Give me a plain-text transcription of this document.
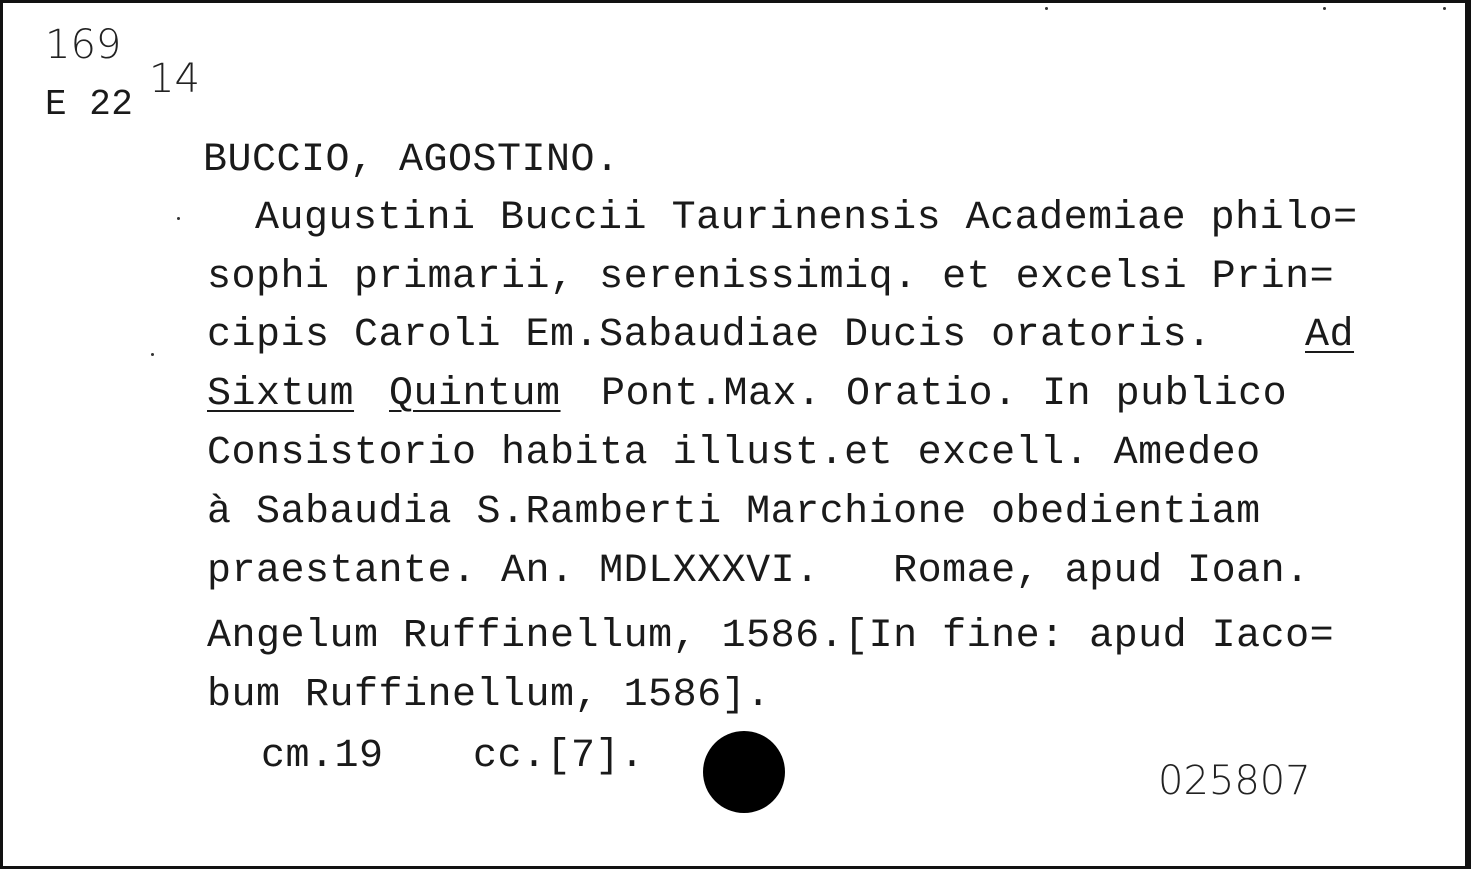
169
E 22
14
BUCCIO, AGOSTINO.
Augustini Buccii Taurinensis Academiae philo=
sophi primarii, serenissimiq. et excelsi Prin=
cipis Caroli Em.Sabaudiae Ducis oratoris. Ad
Sixtum Quintum Pont.Max. Oratio. In publico
Consistorio habita illust.et excell. Amedeo
à Sabaudia S.Ramberti Marchione obedientiam
praestante. An. MDLXXXVI.   Romae, apud Ioan.
Angelum Ruffinellum, 1586.[In fine: apud Iaco=
bum Ruffinellum, 1586].
cm.19 cc.[7].
025807
